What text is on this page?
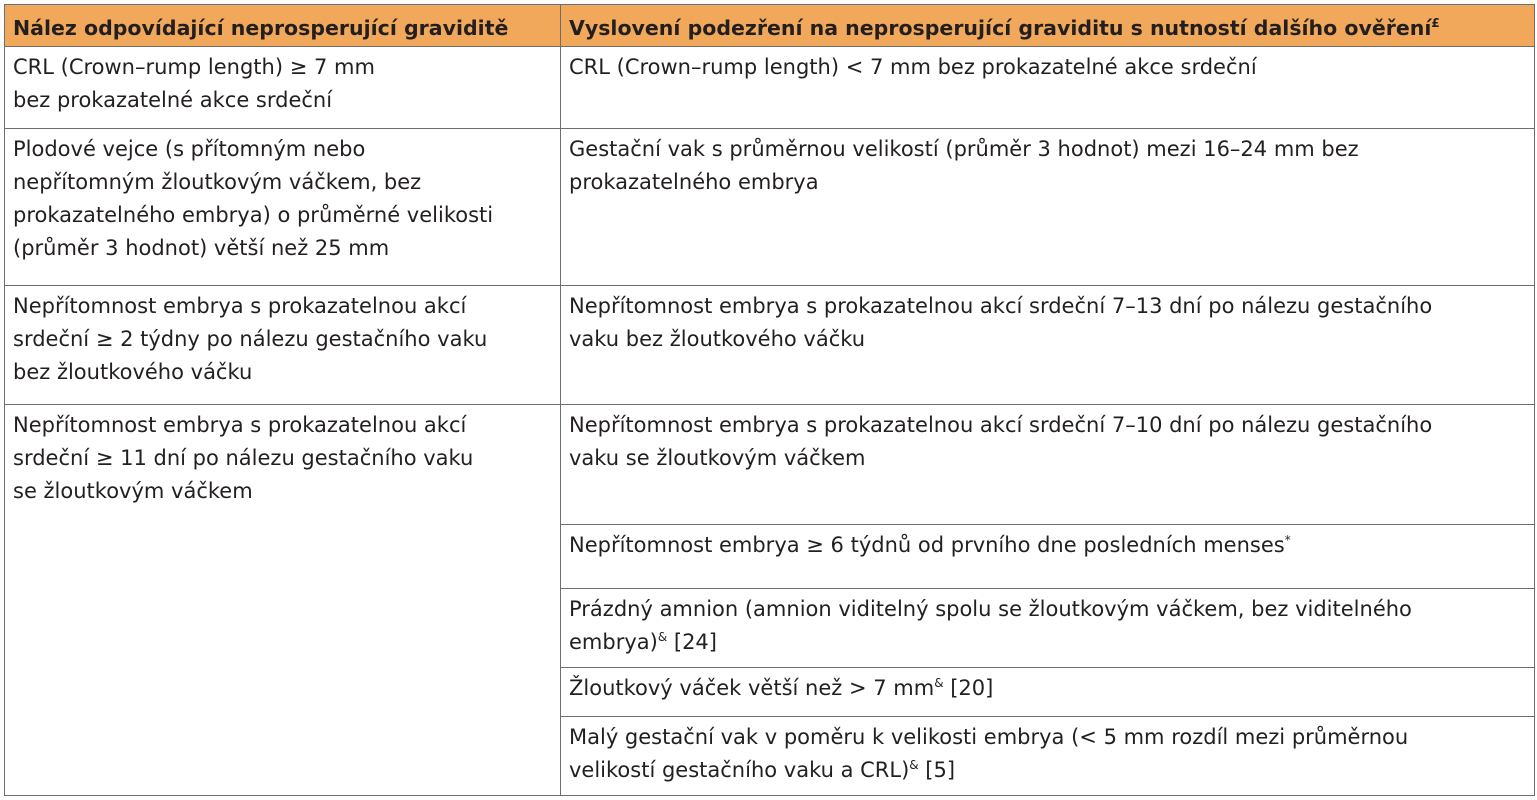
Nález odpovídající neprosperující graviditě	Vyslovení podezření na neprosperující graviditu s nutností dalšího ověření£
CRL (Crown–rump length) ≥ 7 mm
bez prokazatelné akce srdeční	CRL (Crown–rump length) < 7 mm bez prokazatelné akce srdeční
Plodové vejce (s přítomným nebo
nepřítomným žloutkovým váčkem, bez
prokazatelného embrya) o průměrné velikosti
(průměr 3 hodnot) větší než 25 mm	Gestační vak s průměrnou velikostí (průměr 3 hodnot) mezi 16–24 mm bez
prokazatelného embrya
Nepřítomnost embrya s prokazatelnou akcí
srdeční ≥ 2 týdny po nálezu gestačního vaku
bez žloutkového váčku	Nepřítomnost embrya s prokazatelnou akcí srdeční 7–13 dní po nálezu gestačního
vaku bez žloutkového váčku
Nepřítomnost embrya s prokazatelnou akcí
srdeční ≥ 11 dní po nálezu gestačního vaku
se žloutkovým váčkem	Nepřítomnost embrya s prokazatelnou akcí srdeční 7–10 dní po nálezu gestačního
vaku se žloutkovým váčkem
	Nepřítomnost embrya ≥ 6 týdnů od prvního dne posledních menses*
	Prázdný amnion (amnion viditelný spolu se žloutkovým váčkem, bez viditelného
embrya)& [24]
	Žloutkový váček větší než > 7 mm& [20]
	Malý gestační vak v poměru k velikosti embrya (< 5 mm rozdíl mezi průměrnou
velikostí gestačního vaku a CRL)& [5]
